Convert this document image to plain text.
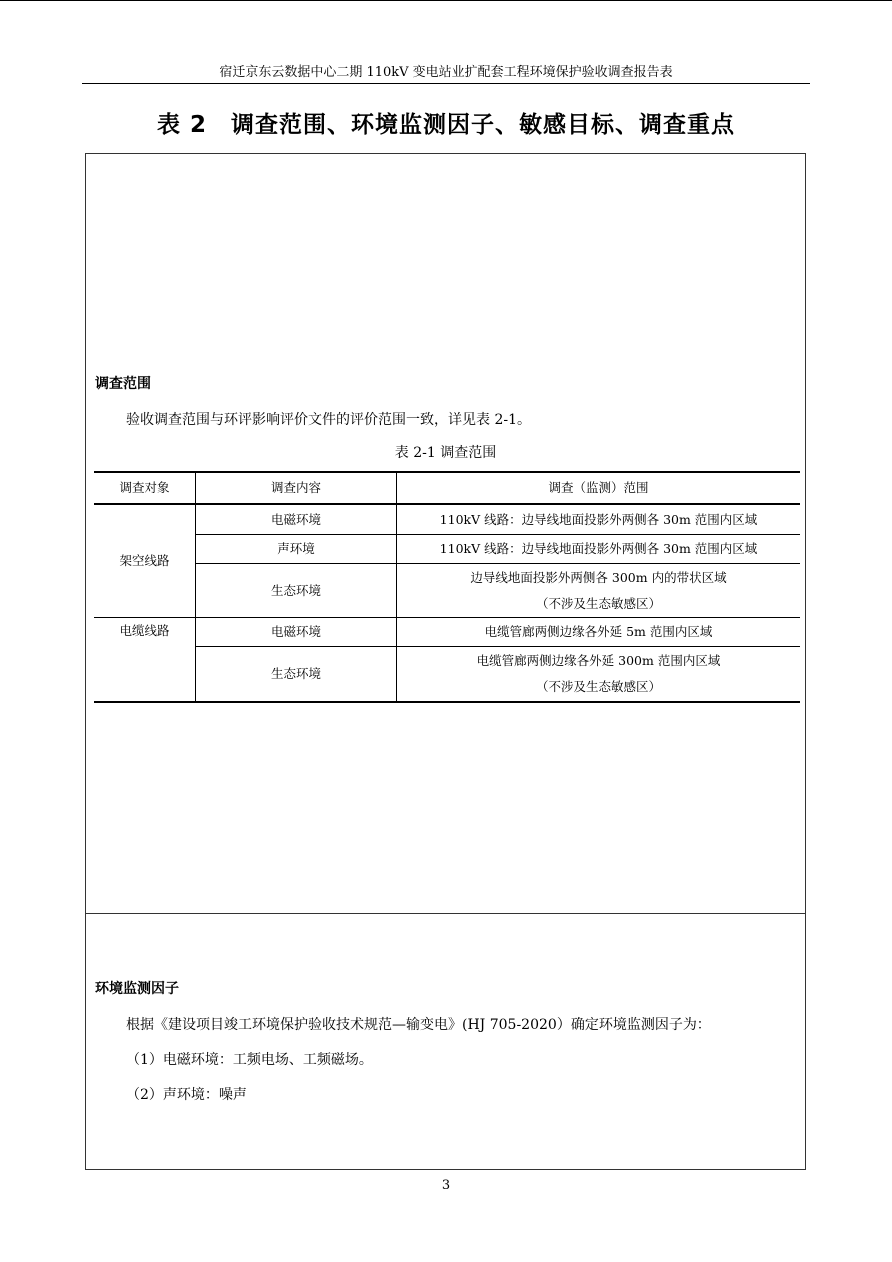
宿迁京东云数据中心二期 110kV 变电站业扩配套工程环境保护验收调查报告表
表 2　调查范围、环境监测因子、敏感目标、调查重点
调查范围
验收调查范围与环评影响评价文件的评价范围一致，详见表 2-1。
表 2-1 调查范围
调查对象	调查内容	调查（监测）范围
架空线路	电磁环境	110kV 线路：边导线地面投影外两侧各 30m 范围内区域
	声环境	110kV 线路：边导线地面投影外两侧各 30m 范围内区域
	生态环境	边导线地面投影外两侧各 300m 内的带状区域
（不涉及生态敏感区）

电缆线路	电磁环境	电缆管廊两侧边缘各外延 5m 范围内区域
	生态环境	电缆管廊两侧边缘各外延 300m 范围内区域
（不涉及生态敏感区）
环境监测因子
根据《建设项目竣工环境保护验收技术规范—输变电》(HJ 705-2020）确定环境监测因子为：
（1）电磁环境：工频电场、工频磁场。
（2）声环境：噪声
3
